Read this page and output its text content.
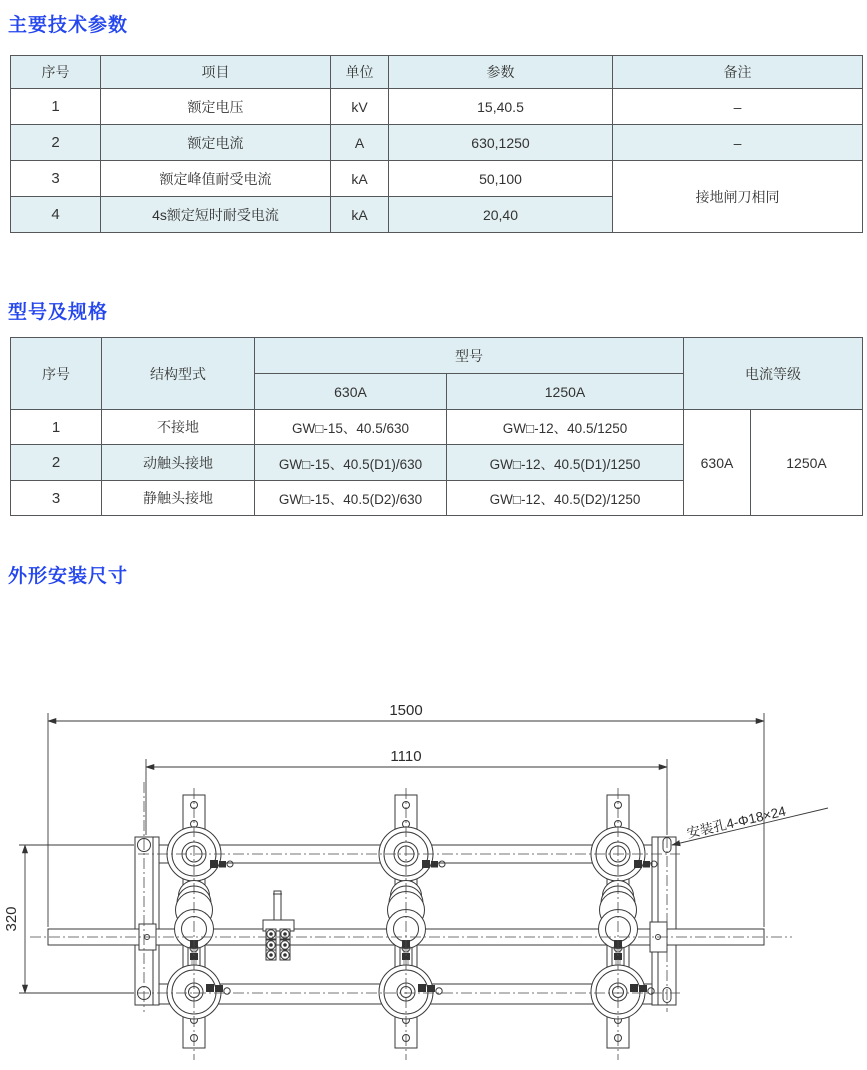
主要技术参数
序号	项目	单位	参数	备注
1	额定电压	kV	15,40.5	–
2	额定电流	A	630,1250	–
3	额定峰值耐受电流	kA	50,100	接地闸刀相同
4	4s额定短时耐受电流	kA	20,40	
型号及规格
序号	结构型式	型号		电流等级	
		630A	1250A		
1	不接地	GW□-15、40.5/630	GW□-12、40.5/1250	630A	1250A
2	动触头接地	GW□-15、40.5(D1)/630	GW□-12、40.5(D1)/1250		
3	静触头接地	GW□-15、40.5(D2)/630	GW□-12、40.5(D2)/1250		
外形安装尺寸
1500
1110
320
安装孔4-Φ18×24
